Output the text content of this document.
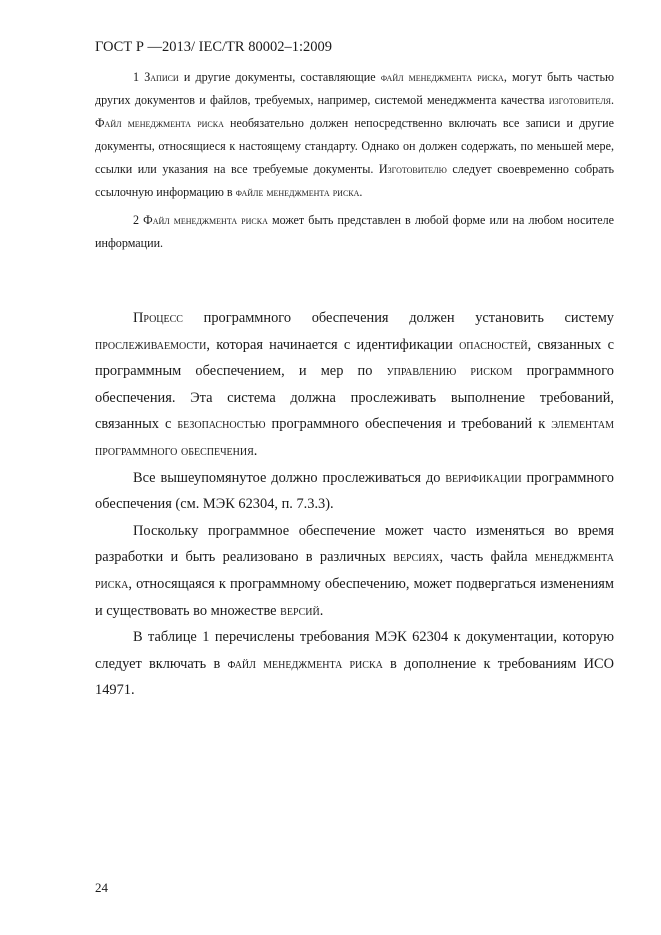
ГОСТ Р —2013/ IEC/TR 80002–1:2009

1 Записи и другие документы, составляющие файл менеджмента риска, могут быть частью других документов и файлов, требуемых, например, системой менеджмента качества изготовителя. Файл менеджмента риска необязательно должен непосредственно включать все записи и другие документы, относящиеся к настоящему стандарту. Однако он должен содержать, по меньшей мере, ссылки или указания на все требуемые документы. Изготовителю следует своевременно собрать ссылочную информацию в файле менеджмента риска.

2 Файл менеджмента риска может быть представлен в любой форме или на любом носителе информации.

Процесс программного обеспечения должен установить систему прослеживаемости, которая начинается с идентификации опасностей, связанных с программным обеспечением, и мер по управлению риском программного обеспечения. Эта система должна прослеживать выполнение требований, связанных с безопасностью программного обеспечения и требований к элементам программного обеспечения.

Все вышеупомянутое должно прослеживаться до верификации программного обеспечения (см. МЭК 62304, п. 7.3.3).

Поскольку программное обеспечение может часто изменяться во время разработки и быть реализовано в различных версиях, часть файла менеджмента риска, относящаяся к программному обеспечению, может подвергаться изменениям и существовать во множестве версий.

В таблице 1 перечислены требования МЭК 62304 к документации, которую следует включать в файл менеджмента риска в дополнение к требованиям ИСО 14971.

24
